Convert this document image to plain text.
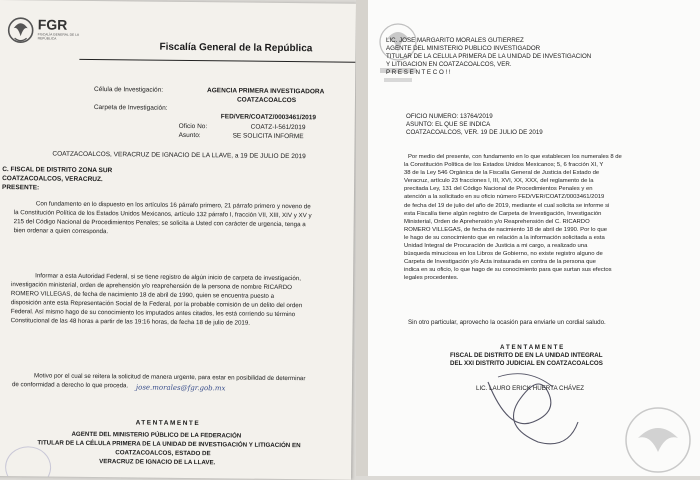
FGR
FISCALÍA GENERAL DE LA REPÚBLICA
Fiscalía General de la República
Célula de Investigación:	AGENCIA PRIMERA INVESTIGADORA
COATZACOALCOS
Carpeta de Investigación:
FED/VER/COATZ/0003461/2019
Oficio No:	COATZ-I-561/2019
Asunto:	SE SOLICITA INFORME
COATZACOALCOS, VERACRUZ DE IGNACIO DE LA LLAVE, a 19 DE JULIO DE 2019
C. FISCAL DE DISTRITO ZONA SUR
COATZACOALCOS, VERACRUZ.
PRESENTE:
Con fundamento en lo dispuesto en los artículos 16 párrafo primero, 21 párrafo primero y noveno de
la Constitución Política de los Estados Unidos Mexicanos, artículo 132 párrafo I, fracción VII, XIII, XIV y XV y
215 del Código Nacional de Procedimientos Penales; se solicita a Usted con carácter de urgencia, tenga a
bien ordenar a quien corresponda.
Informar a esta Autoridad Federal, si se tiene registro de algún inicio de carpeta de investigación,
investigación ministerial, orden de aprehensión y/o reaprehensión de la persona de nombre RICARDO
ROMERO VILLEGAS, de fecha de nacimiento 18 de abril de 1990, quien se encuentra puesto a
disposición ante esta Representación Social de la Federal, por la probable comisión de un delito del orden
Federal. Así mismo hago de su conocimiento los imputados antes citados, les está corriendo su término
Constitucional de las 48 horas a partir de las 19:16 horas, de fecha 18 de julio de 2019.
Motivo por el cual se reitera la solicitud de manera urgente, para estar en posibilidad de determinar
de conformidad a derecho lo que proceda.	jose.morales@fgr.gob.mx
ATENTAMENTE
AGENTE DEL MINISTERIO PÚBLICO DE LA FEDERACIÓN
TITULAR DE LA CÉLULA PRIMERA DE LA UNIDAD DE INVESTIGACIÓN Y LITIGACIÓN EN
COATZACOALCOS, ESTADO DE
VERACRUZ DE IGNACIO DE LA LLAVE.
LIC. JOSE MARGARITO MORALES GUTIERREZ
AGENTE DEL MINISTERIO PUBLICO INVESTIGADOR
TITULAR DE LA CELULA PRIMERA DE LA UNIDAD DE INVESTIGACION
Y LITIGACION EN COATZACOALCOS, VER.
P R E S E N T E C O ! !
OFICIO NUMERO: 13764/2019
ASUNTO: EL QUE SE INDICA
COATZACOALCOS, VER. 19 DE JULIO DE 2019
Por medio del presente, con fundamento en lo que establecen los numerales 8 de
la Constitución Política de los Estados Unidos Mexicanos; 5, 6 fracción XI, Y
38 de la Ley 546 Orgánica de la Fiscalía General de Justicia del Estado de
Veracruz, artículo 23 fracciones I, III, XVI, XX, XXX, del reglamento de la
precitada Ley, 131 del Código Nacional de Procedimientos Penales y en
atención a la solicitado en su oficio número FED/VER/COATZ/0003461/2019
de fecha del 19 de julio del año de 2019, mediante el cual solicita se informe si
esta Fiscalía tiene algún registro de Carpeta de Investigación, Investigación
Ministerial, Orden de Aprehensión y/o Reaprehensión del C. RICARDO
ROMERO VILLEGAS, de fecha de nacimiento 18 de abril de 1990. Por lo que
le hago de su conocimiento que en relación a la información solicitada a esta
Unidad Integral de Procuración de Justicia a mi cargo, a realizado una
búsqueda minuciosa en los Libros de Gobierno, no existe registro alguno de
Carpeta de Investigación y/o Acta instaurada en contra de la persona que
indica en su oficio, lo que hago de su conocimiento para que surtan sus efectos
legales procedentes.
Sin otro particular, aprovecho la ocasión para enviarle un cordial saludo.
A T E N T A M E N T E
FISCAL DE DISTRITO DE EN LA UNIDAD INTEGRAL
DEL XXI DISTRITO JUDICIAL EN COATZACOALCOS
LIC. LAURO ERICK HUERTA CHÁVEZ
